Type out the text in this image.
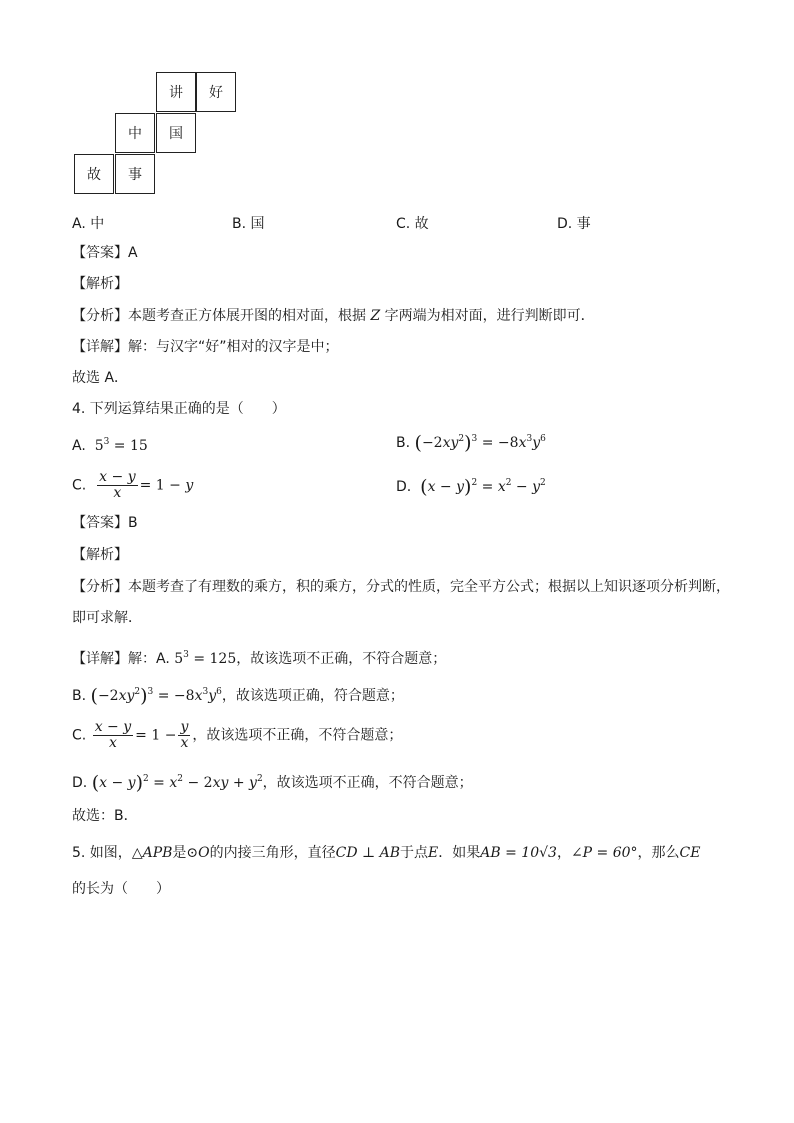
讲	好
中	国
故	事
A. 中	B. 国	C. 故	D. 事
【答案】A
【解析】
【分析】本题考查正方体展开图的相对面，根据 Z 字两端为相对面，进行判断即可．
【详解】解：与汉字“好”相对的汉字是中；
故选 A．
4. 下列运算结果正确的是（　　）
A. $5^3 = 15$	B. $(-2xy^2)^3 = -8x^3y^6$
C. $\frac{x - y}{x} = 1 - y$	D. $(x - y)^2 = x^2 - y^2$
【答案】B
【解析】
【分析】本题考查了有理数的乘方，积的乘方，分式的性质，完全平方公式；根据以上知识逐项分析判断，
即可求解．
【详解】解：A. $5^3 = 125$，故该选项不正确，不符合题意；
B. $(-2xy^2)^3 = -8x^3y^6$，故该选项正确，符合题意；
C. $\frac{x - y}{x} = 1 - \frac{y}{x}$ ，故该选项不正确，不符合题意；
D. $(x - y)^2 = x^2 - 2xy + y^2$，故该选项不正确，不符合题意；
故选：B．
5. 如图，△APB是⊙O的内接三角形，直径CD ⊥ AB于点E．如果AB = 10√3，∠P = 60°，那么CE
的长为（　　）
